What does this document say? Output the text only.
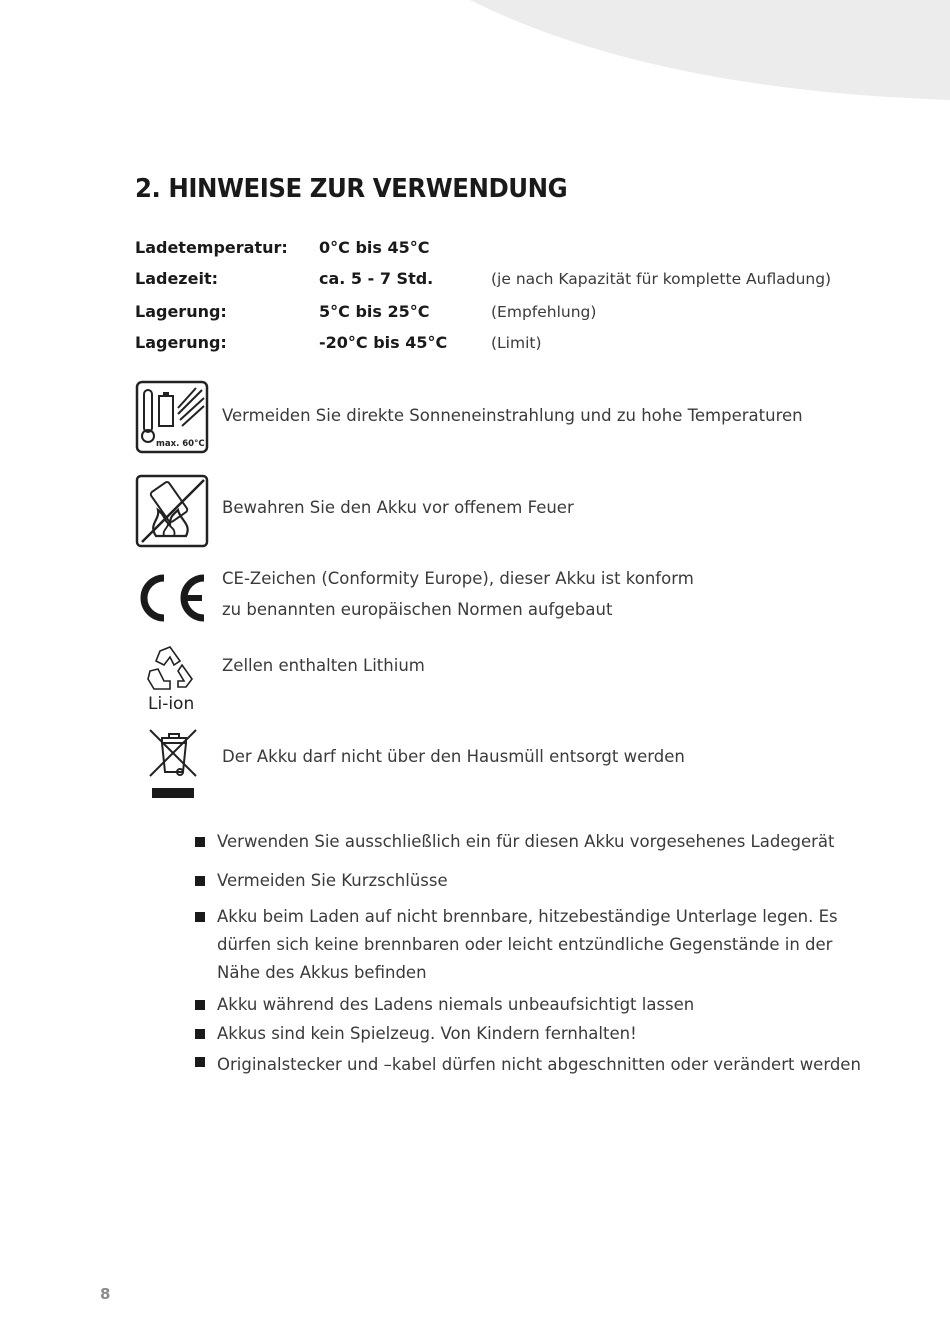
2. HINWEISE ZUR VERWENDUNG
Ladetemperatur: 0°C bis 45°C
Ladezeit:	ca. 5 - 7 Std.	(je nach Kapazität für komplette Aufladung)
Lagerung:	5°C bis 25°C	(Empfehlung)
Lagerung:	-20°C bis 45°C	(Limit)
max. 60°C
Vermeiden Sie direkte Sonneneinstrahlung und zu hohe Temperaturen
Bewahren Sie den Akku vor offenem Feuer
CE-Zeichen (Conformity Europe), dieser Akku ist konform
zu benannten europäischen Normen aufgebaut
Li-ion
Zellen enthalten Lithium
Der Akku darf nicht über den Hausmüll entsorgt werden
Verwenden Sie ausschließlich ein für diesen Akku vorgesehenes Ladegerät
Vermeiden Sie Kurzschlüsse
Akku beim Laden auf nicht brennbare, hitzebeständige Unterlage legen. Es
dürfen sich keine brennbaren oder leicht entzündliche Gegenstände in der
Nähe des Akkus befinden
Akku während des Ladens niemals unbeaufsichtigt lassen
Akkus sind kein Spielzeug. Von Kindern fernhalten!
Originalstecker und –kabel dürfen nicht abgeschnitten oder verändert werden
8
